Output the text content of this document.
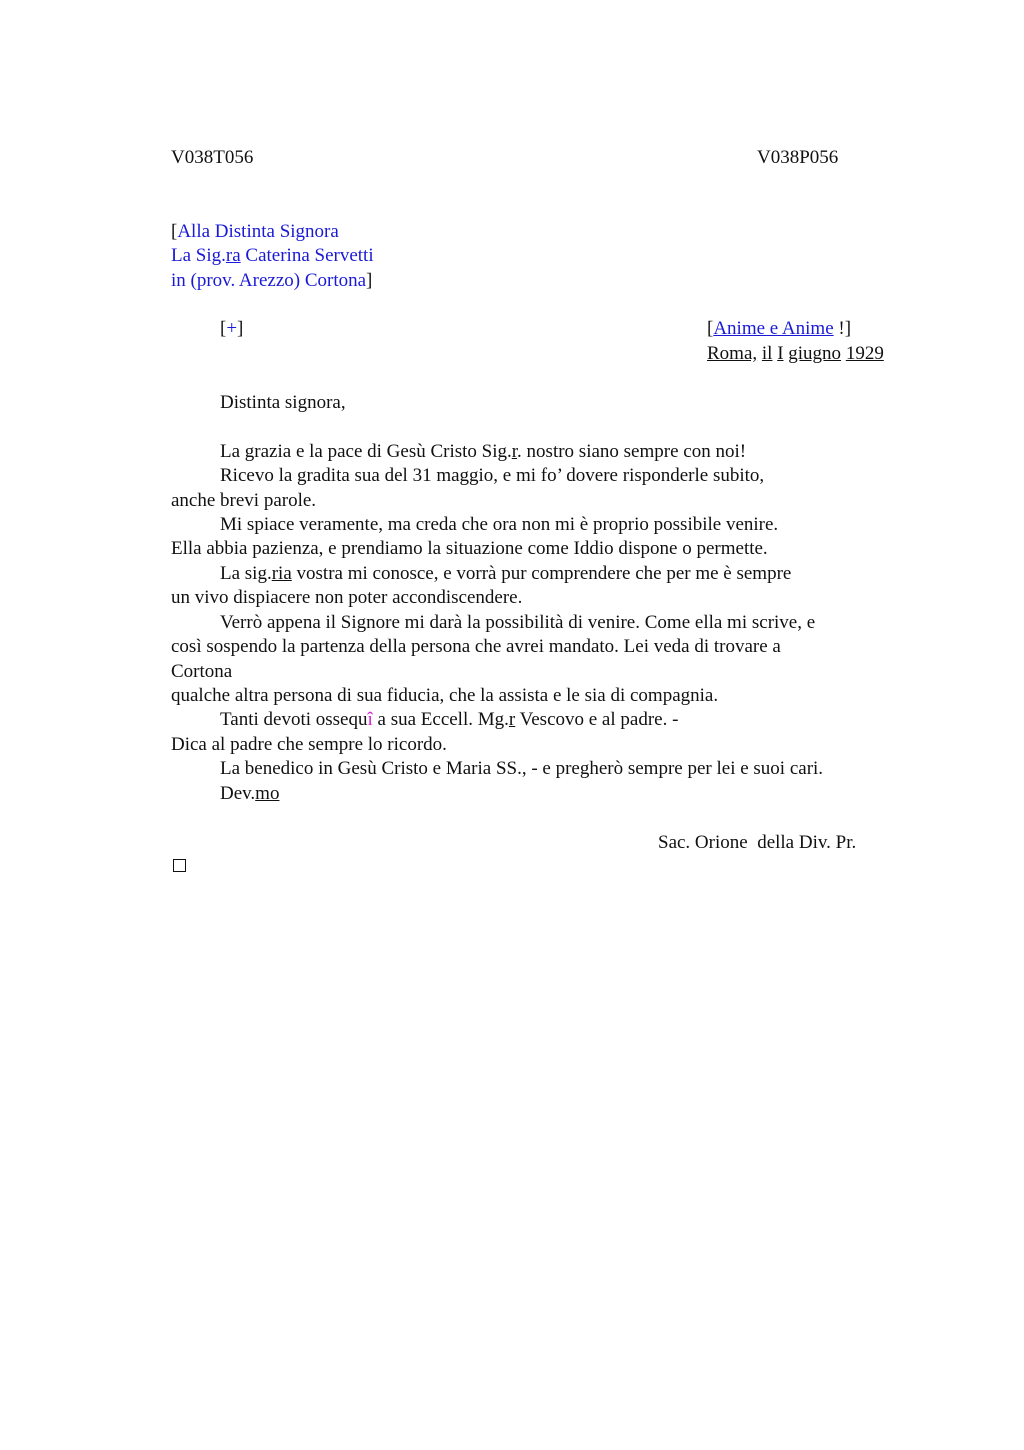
V038T056	V038P056
[Alla Distinta Signora
La Sig.ra Caterina Servetti
in (prov. Arezzo) Cortona]
[+]	[Anime e Anime !]
Roma, il I giugno 1929
Distinta signora,
La grazia e la pace di Gesù Cristo Sig.r. nostro siano sempre con noi!
Ricevo la gradita sua del 31 maggio, e mi fo’ dovere risponderle subito,
anche brevi parole.
Mi spiace veramente, ma creda che ora non mi è proprio possibile venire.
Ella abbia pazienza, e prendiamo la situazione come Iddio dispone o permette.
La sig.ria vostra mi conosce, e vorrà pur comprendere che per me è sempre
un vivo dispiacere non poter accondiscendere.
Verrò appena il Signore mi darà la possibilità di venire. Come ella mi scrive, e
così sospendo la partenza della persona che avrei mandato. Lei veda di trovare a
Cortona
qualche altra persona di sua fiducia, che la assista e le sia di compagnia.
Tanti devoti ossequî a sua Eccell. Mg.r Vescovo e al padre. -
Dica al padre che sempre lo ricordo.
La benedico in Gesù Cristo e Maria SS., - e pregherò sempre per lei e suoi cari.
Dev.mo
Sac. Orione  della Div. Pr.
